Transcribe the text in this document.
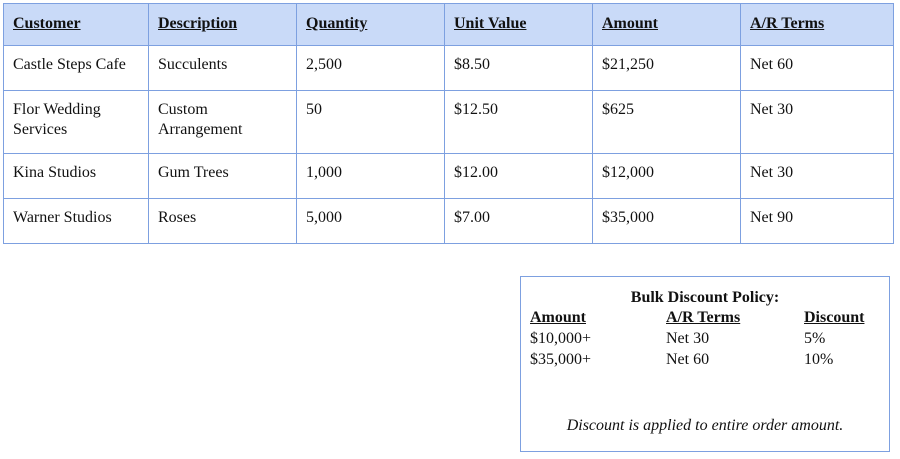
Customer	Description	Quantity	Unit Value	Amount	A/R Terms
Castle Steps Cafe	Succulents	2,500	$8.50	$21,250	Net 60
Flor Wedding Services	Custom Arrangement	50	$12.50	$625	Net 30
Kina Studios	Gum Trees	1,000	$12.00	$12,000	Net 30
Warner Studios	Roses	5,000	$7.00	$35,000	Net 90
Bulk Discount Policy:
Amount	A/R Terms	Discount
$10,000+	Net 30	5%
$35,000+	Net 60	10%
Discount is applied to entire order amount.
